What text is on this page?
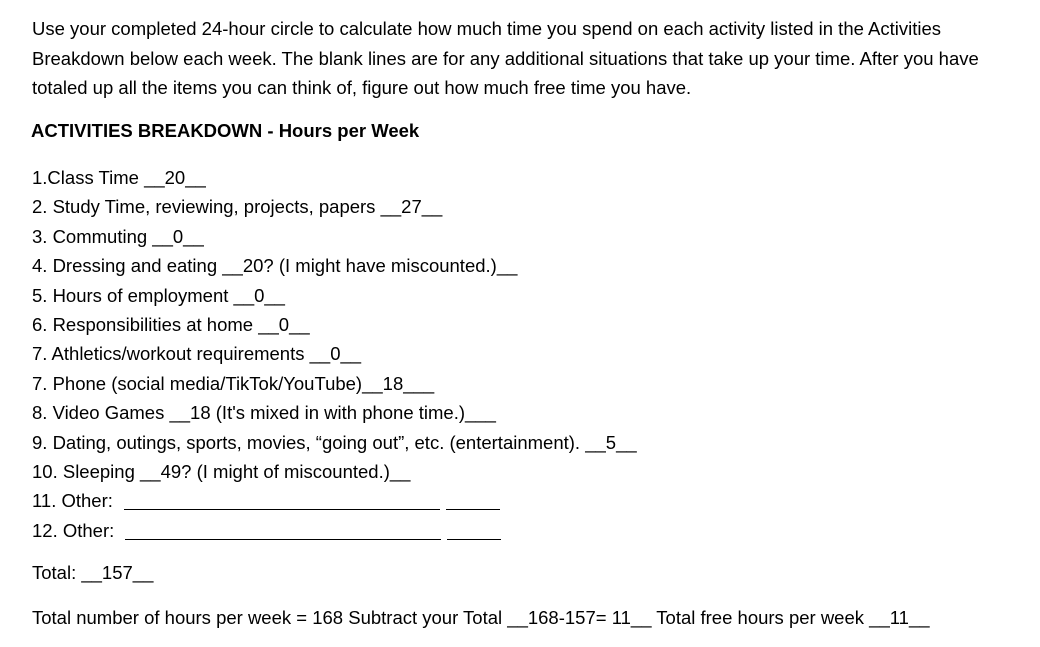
Use your completed 24-hour circle to calculate how much time you spend on each activity listed in the Activities Breakdown below each week. The blank lines are for any additional situations that take up your time. After you have totaled up all the items you can think of, figure out how much free time you have.

ACTIVITIES BREAKDOWN - Hours per Week

1.Class Time __20__
2. Study Time, reviewing, projects, papers __27__
3. Commuting __0__
4. Dressing and eating __20? (I might have miscounted.)__
5. Hours of employment __0__
6. Responsibilities at home __0__
7. Athletics/workout requirements __0__
7. Phone (social media/TikTok/YouTube)__18___
8. Video Games __18 (It's mixed in with phone time.)___
9. Dating, outings, sports, movies, “going out”, etc. (entertainment). __5__
10. Sleeping __49? (I might of miscounted.)__
11. Other:
12. Other:
Total: __157__
Total number of hours per week = 168 Subtract your Total __168-157= 11__ Total free hours per week __11__
